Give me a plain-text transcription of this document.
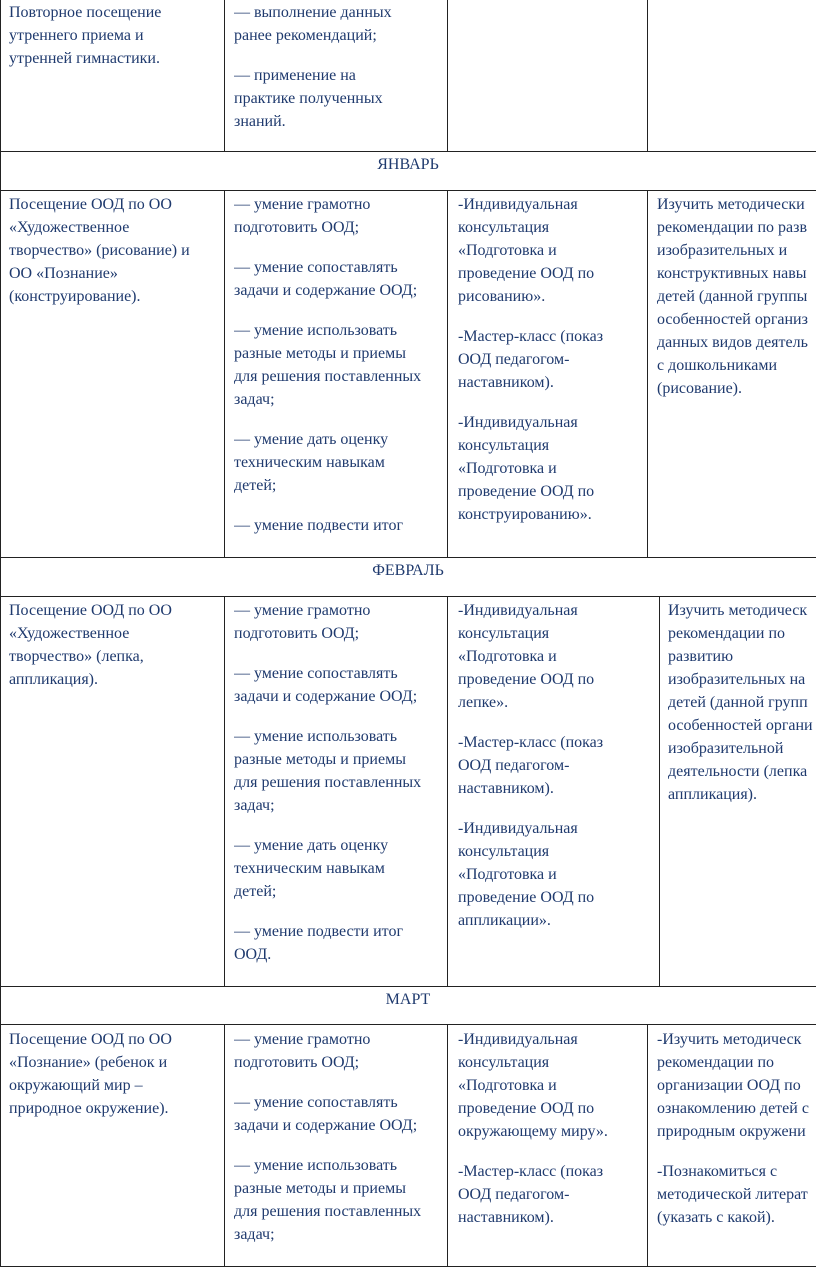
Повторное посещение
утреннего приема и
утренней гимнастики.

— выполнение данных
ранее рекомендаций;

— применение на
практике полученных
знаний.

ЯНВАРЬ

Посещение ООД по ОО
«Художественное
творчество» (рисование) и
ОО «Познание»
(конструирование).

— умение грамотно
подготовить ООД;

— умение сопоставлять
задачи и содержание ООД;

— умение использовать
разные методы и приемы
для решения поставленных
задач;

— умение дать оценку
техническим навыкам
детей;

— умение подвести итог

-Индивидуальная
консультация
«Подготовка и
проведение ООД по
рисованию».

-Мастер-класс (показ
ООД педагогом-
наставником).

-Индивидуальная
консультация
«Подготовка и
проведение ООД по
конструированию».

Изучить методически
рекомендации по разв
изобразительных и
конструктивных навы
детей (данной группы
особенностей организ
данных видов деятель
с дошкольниками
(рисование).

ФЕВРАЛЬ

Посещение ООД по ОО
«Художественное
творчество» (лепка,
аппликация).

— умение грамотно
подготовить ООД;

— умение сопоставлять
задачи и содержание ООД;

— умение использовать
разные методы и приемы
для решения поставленных
задач;

— умение дать оценку
техническим навыкам
детей;

— умение подвести итог
ООД.

-Индивидуальная
консультация
«Подготовка и
проведение ООД по
лепке».

-Мастер-класс (показ
ООД педагогом-
наставником).

-Индивидуальная
консультация
«Подготовка и
проведение ООД по
аппликации».

Изучить методическ
рекомендации по
развитию
изобразительных на
детей (данной групп
особенностей органи
изобразительной
деятельности (лепка
аппликация).

МАРТ

Посещение ООД по ОО
«Познание» (ребенок и
окружающий мир –
природное окружение).

— умение грамотно
подготовить ООД;

— умение сопоставлять
задачи и содержание ООД;

— умение использовать
разные методы и приемы
для решения поставленных
задач;

-Индивидуальная
консультация
«Подготовка и
проведение ООД по
окружающему миру».

-Мастер-класс (показ
ООД педагогом-
наставником).

-Изучить методическ
рекомендации по
организации ООД по
ознакомлению детей с
природным окружени

-Познакомиться с
методической литерат
(указать с какой).
